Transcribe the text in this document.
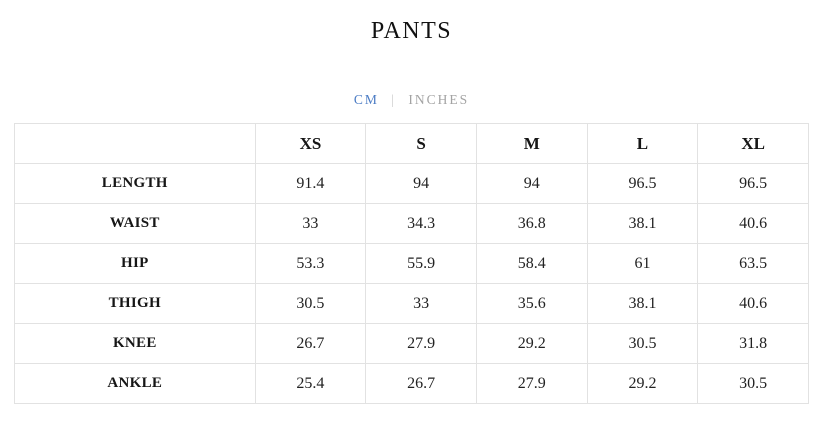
PANTS
CM | INCHES
	XS	S	M	L	XL
LENGTH	91.4	94	94	96.5	96.5
WAIST	33	34.3	36.8	38.1	40.6
HIP	53.3	55.9	58.4	61	63.5
THIGH	30.5	33	35.6	38.1	40.6
KNEE	26.7	27.9	29.2	30.5	31.8
ANKLE	25.4	26.7	27.9	29.2	30.5
